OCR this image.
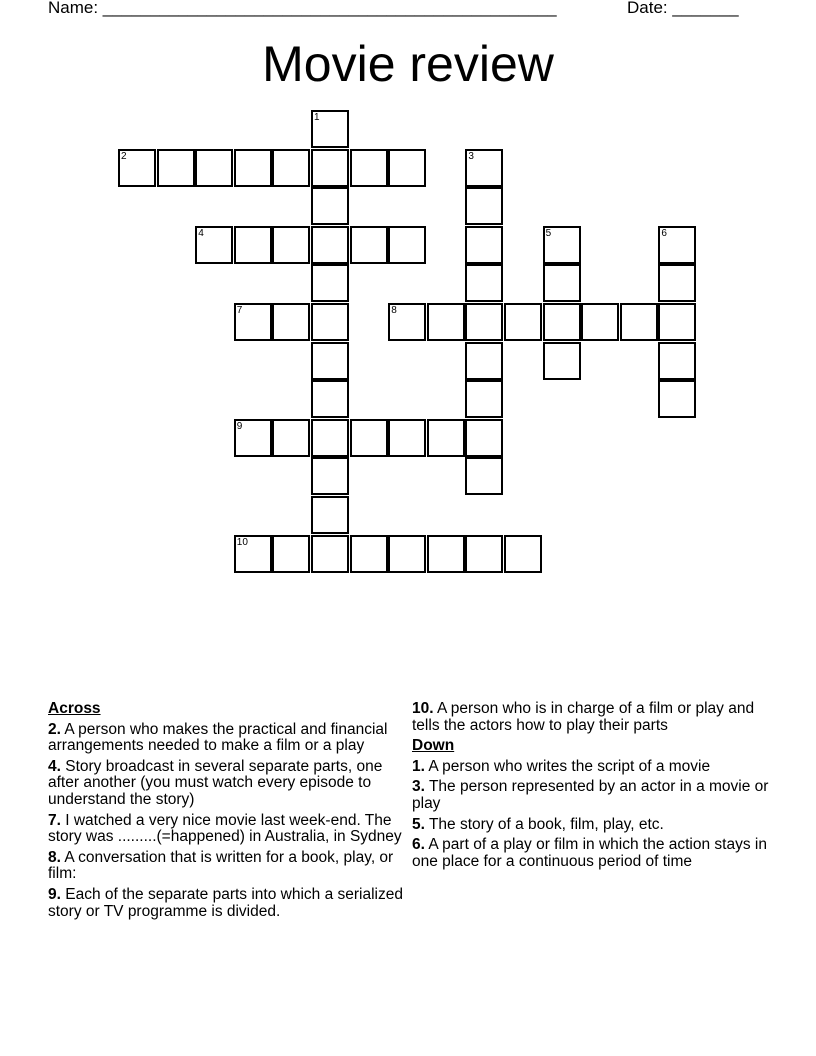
Name: ________________________________________________	Date: _______
Movie review
1
2	3
4	5	6
7	8
9
10
Across
2. A person who makes the practical and financial arrangements needed to make a film or a play
4. Story broadcast in several separate parts, one after another (you must watch every episode to understand the story)
7. I watched a very nice movie last week-end. The story was .........(=happened) in Australia, in Sydney
8. A conversation that is written for a book, play, or film:
9. Each of the separate parts into which a serialized story or TV programme is divided.
10. A person who is in charge of a film or play and tells the actors how to play their parts
Down
1. A person who writes the script of a movie
3. The person represented by an actor in a movie or play
5. The story of a book, film, play, etc.
6. A part of a play or film in which the action stays in one place for a continuous period of time
